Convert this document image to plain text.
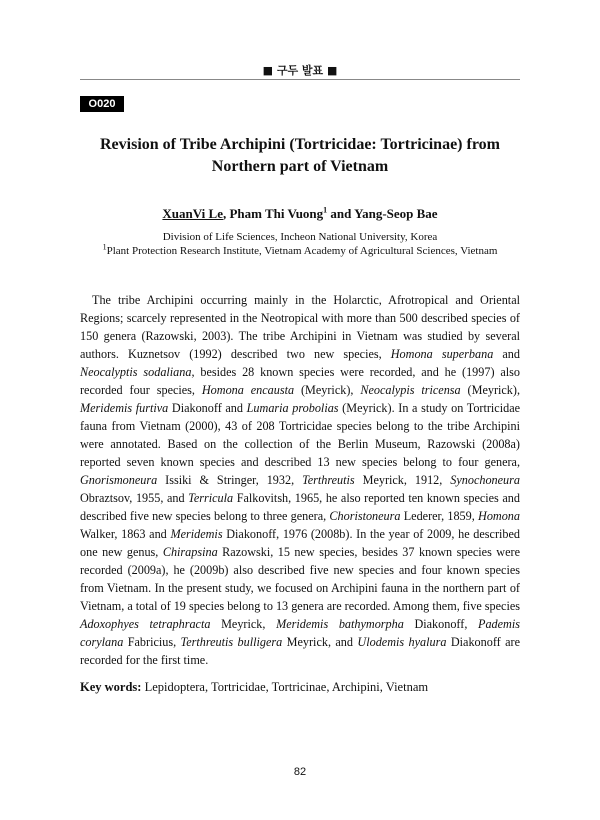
■ 구두 발표 ■
O020
Revision of Tribe Archipini (Tortricidae: Tortricinae) from
Northern part of Vietnam
XuanVi Le, Pham Thi Vuong$^1$ and Yang-Seop Bae
Division of Life Sciences, Incheon National University, Korea
$^1$Plant Protection Research Institute, Vietnam Academy of Agricultural Sciences, Vietnam

The tribe Archipini occurring mainly in the Holarctic, Afrotropical and Oriental Regions; scarcely represented in the Neotropical with more than 500 described species of 150 genera (Razowski, 2003). The tribe Archipini in Vietnam was studied by several authors. Kuznetsov (1992) described two new species, Homona superbana and Neocalyptis sodaliana, besides 28 known species were recorded, and he (1997) also recorded four species, Homona encausta (Meyrick), Neocalypis tricensa (Meyrick), Meridemis furtiva Diakonoff and Lumaria probolias (Meyrick). In a study on Tortricidae fauna from Vietnam (2000), 43 of 208 Tortricidae species belong to the tribe Archipini were annotated. Based on the collection of the Berlin Museum, Razowski (2008a) reported seven known species and described 13 new species belong to four genera, Gnorismoneura Issiki & Stringer, 1932, Terthreutis Meyrick, 1912, Synochoneura Obraztsov, 1955, and Terricula Falkovitsh, 1965, he also reported ten known species and described five new species belong to three genera, Choristoneura Lederer, 1859, Homona Walker, 1863 and Meridemis Diakonoff, 1976 (2008b). In the year of 2009, he described one new genus, Chirapsina Razowski, 15 new species, besides 37 known species were recorded (2009a), he (2009b) also described five new species and four known species from Vietnam. In the present study, we focused on Archipini fauna in the northern part of Vietnam, a total of 19 species belong to 13 genera are recorded. Among them, five species Adoxophyes tetraphracta Meyrick, Meridemis bathymorpha Diakonoff, Pademis corylana Fabricius, Terthreutis bulligera Meyrick, and Ulodemis hyalura Diakonoff are recorded for the first time.

Key words: Lepidoptera, Tortricidae, Tortricinae, Archipini, Vietnam

82
